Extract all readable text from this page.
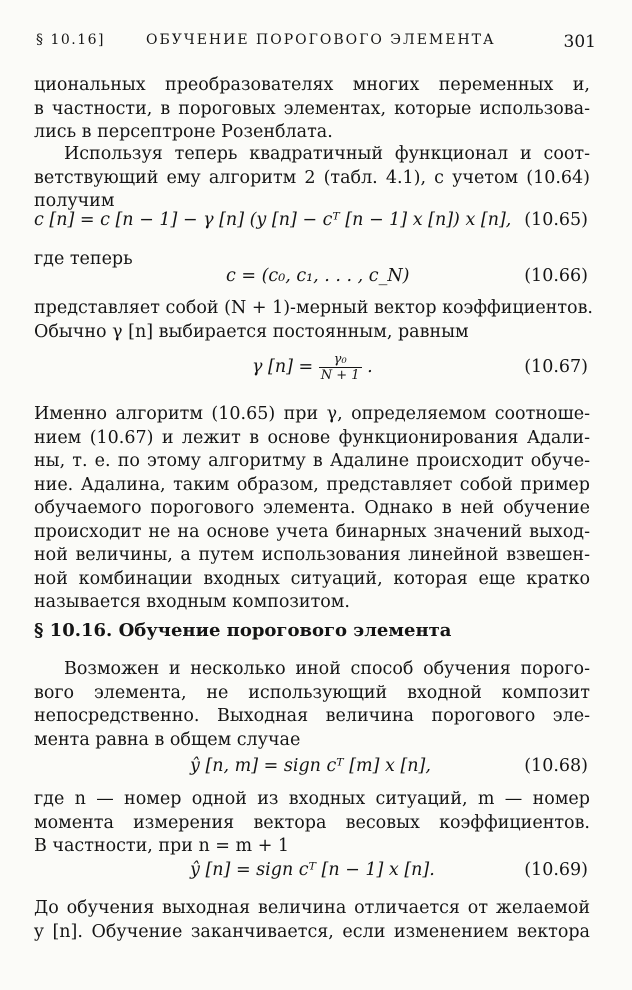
§ 10.16]	ОБУЧЕНИЕ ПОРОГОВОГО ЭЛЕМЕНТА	301
циональных преобразователях многих переменных и,
в частности, в пороговых элементах, которые использова-
лись в персептроне Розенблата.
Используя теперь квадратичный функционал и соот-
ветствующий ему алгоритм 2 (табл. 4.1), с учетом (10.64)
получим
c [n] = c [n − 1] − γ [n] (y [n] − cᵀ [n − 1] x [n]) x [n], (10.65)
где теперь
c = (c₀, c₁, . . . , c_N)	(10.66)
представляет собой (N + 1)-мерный вектор коэффициентов.
Обычно γ [n] выбирается постоянным, равным
γ $[n] = \frac{\text{γ₀}}{N + 1}$ .	(10.67)
Именно алгоритм (10.65) при γ, определяемом соотноше-
нием (10.67) и лежит в основе функционирования Адали-
ны, т. е. по этому алгоритму в Адалине происходит обуче-
ние. Адалина, таким образом, представляет собой пример
обучаемого порогового элемента. Однако в ней обучение
происходит не на основе учета бинарных значений выход-
ной величины, а путем использования линейной взвешен-
ной комбинации входных ситуаций, которая еще кратко
называется входным композитом.
§ 10.16. Обучение порогового элемента
Возможен и несколько иной способ обучения порого-
вого элемента, не использующий входной композит
непосредственно. Выходная величина порогового эле-
мента равна в общем случае
ŷ [n, m] = sign cᵀ [m] x [n],	(10.68)
где n — номер одной из входных ситуаций, m — номер
момента измерения вектора весовых коэффициентов.
В частности, при n = m + 1
ŷ [n] = sign cᵀ [n − 1] x [n].	(10.69)
До обучения выходная величина отличается от желаемой
y [n]. Обучение заканчивается, если изменением вектора
